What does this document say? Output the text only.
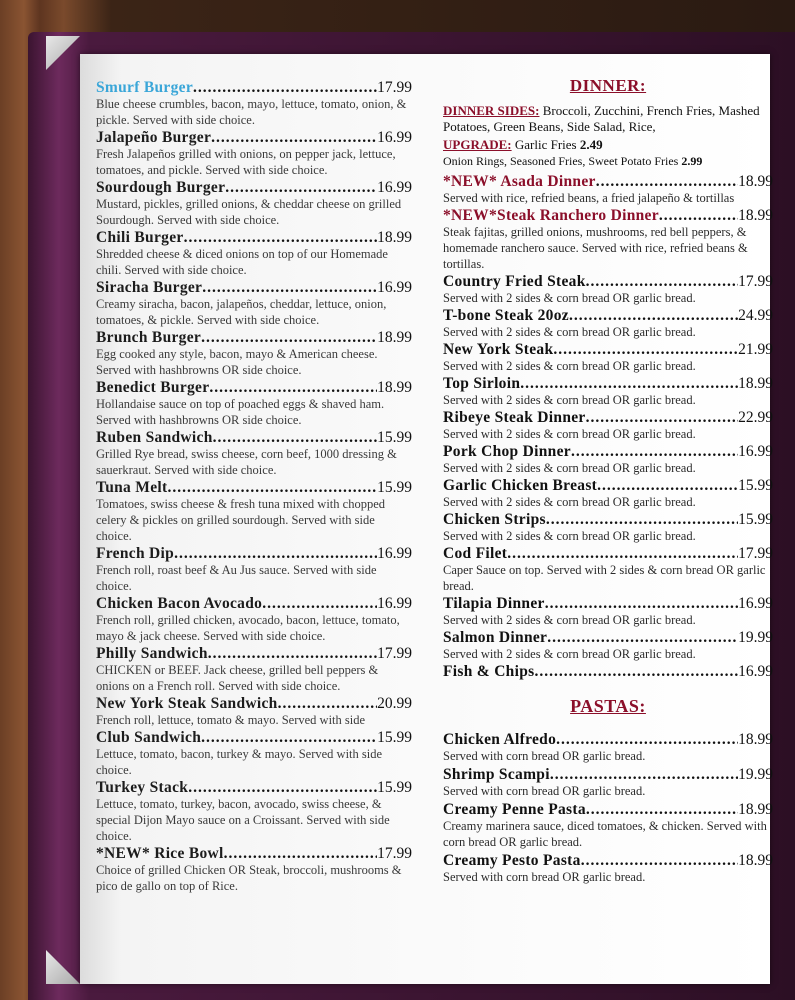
Smurf Burger .....	17.99
Blue cheese crumbles, bacon, mayo, lettuce, tomato, onion, & pickle. Served with side choice.
Jalapeño Burger .....	16.99
Fresh Jalapeños grilled with onions, on pepper jack, lettuce, tomatoes, and pickle. Served with side choice.
Sourdough Burger .....	16.99
Mustard, pickles, grilled onions, & cheddar cheese on grilled Sourdough. Served with side choice.
Chili Burger .....	18.99
Shredded cheese & diced onions on top of our Homemade chili. Served with side choice.
Siracha Burger .....	16.99
Creamy siracha, bacon, jalapeños, cheddar, lettuce, onion, tomatoes, & pickle. Served with side choice.
Brunch Burger .....	18.99
Egg cooked any style, bacon, mayo & American cheese. Served with hashbrowns OR side choice.
Benedict Burger .....	18.99
Hollandaise sauce on top of poached eggs & shaved ham. Served with hashbrowns OR side choice.
Ruben Sandwich .....	15.99
Grilled Rye bread, swiss cheese, corn beef, 1000 dressing & sauerkraut. Served with side choice.
Tuna Melt .....	15.99
Tomatoes, swiss cheese & fresh tuna mixed with chopped celery & pickles on grilled sourdough. Served with side choice.
French Dip .....	16.99
French roll, roast beef & Au Jus sauce. Served with side choice.
Chicken Bacon Avocado .....	16.99
French roll, grilled chicken, avocado, bacon, lettuce, tomato, mayo & jack cheese. Served with side choice.
Philly Sandwich .....	17.99
CHICKEN or BEEF. Jack cheese, grilled bell peppers & onions on a French roll. Served with side choice.
New York Steak Sandwich .....	20.99
French roll, lettuce, tomato & mayo. Served with side
Club Sandwich .....	15.99
Lettuce, tomato, bacon, turkey & mayo. Served with side choice.
Turkey Stack .....	15.99
Lettuce, tomato, turkey, bacon, avocado, swiss cheese, & special Dijon Mayo sauce on a Croissant. Served with side choice.
*NEW* Rice Bowl .....	17.99
Choice of grilled Chicken OR Steak, broccoli, mushrooms & pico de gallo on top of Rice.
DINNER:
DINNER SIDES: Broccoli, Zucchini, French Fries, Mashed Potatoes, Green Beans, Side Salad, Rice,
UPGRADE: Garlic Fries 2.49
Onion Rings, Seasoned Fries, Sweet Potato Fries 2.99
*NEW* Asada Dinner .....	18.99
Served with rice, refried beans, a fried jalapeño & tortillas
*NEW*Steak Ranchero Dinner .....	18.99
Steak fajitas, grilled onions, mushrooms, red bell peppers, & homemade ranchero sauce. Served with rice, refried beans & tortillas.
Country Fried Steak .....	17.99
Served with 2 sides & corn bread OR garlic bread.
T-bone Steak 20oz .....	24.99
Served with 2 sides & corn bread OR garlic bread.
New York Steak .....	21.99
Served with 2 sides & corn bread OR garlic bread.
Top Sirloin .....	18.99
Served with 2 sides & corn bread OR garlic bread.
Ribeye Steak Dinner .....	22.99
Served with 2 sides & corn bread OR garlic bread.
Pork Chop Dinner .....	16.99
Served with 2 sides & corn bread OR garlic bread.
Garlic Chicken Breast .....	15.99
Served with 2 sides & corn bread OR garlic bread.
Chicken Strips .....	15.99
Served with 2 sides & corn bread OR garlic bread.
Cod Filet .....	17.99
Caper Sauce on top. Served with 2 sides & corn bread OR garlic bread.
Tilapia Dinner .....	16.99
Served with 2 sides & corn bread OR garlic bread.
Salmon Dinner .....	19.99
Served with 2 sides & corn bread OR garlic bread.
Fish & Chips .....	16.99
PASTAS:
Chicken Alfredo .....	18.99
Served with corn bread OR garlic bread.
Shrimp Scampi .....	19.99
Served with corn bread OR garlic bread.
Creamy Penne Pasta .....	18.99
Creamy marinera sauce, diced tomatoes, & chicken. Served with corn bread OR garlic bread.
Creamy Pesto Pasta .....	18.99
Served with corn bread OR garlic bread.
